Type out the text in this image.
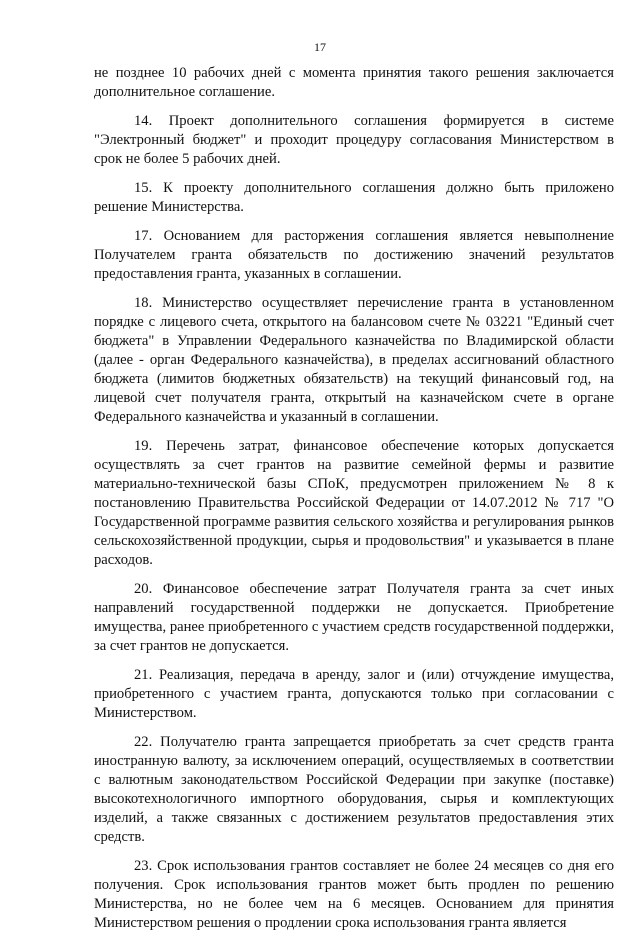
17

не позднее 10 рабочих дней с момента принятия такого решения заключается дополнительное соглашение.

14. Проект дополнительного соглашения формируется в системе "Электронный бюджет" и проходит процедуру согласования Министерством в срок не более 5 рабочих дней.

15. К проекту дополнительного соглашения должно быть приложено решение Министерства.

17. Основанием для расторжения соглашения является невыполнение Получателем гранта обязательств по достижению значений результатов предоставления гранта, указанных в соглашении.

18. Министерство осуществляет перечисление гранта в установленном порядке с лицевого счета, открытого на балансовом счете № 03221 "Единый счет бюджета" в Управлении Федерального казначейства по Владимирской области (далее - орган Федерального казначейства), в пределах ассигнований областного бюджета (лимитов бюджетных обязательств) на текущий финансовый год, на лицевой счет получателя гранта, открытый на казначейском счете в органе Федерального казначейства и указанный в соглашении.

19. Перечень затрат, финансовое обеспечение которых допускается осуществлять за счет грантов на развитие семейной фермы и развитие материально-технической базы СПоК, предусмотрен приложением № 8 к постановлению Правительства Российской Федерации от 14.07.2012 № 717 "О Государственной программе развития сельского хозяйства и регулирования рынков сельскохозяйственной продукции, сырья и продовольствия" и указывается в плане расходов.

20. Финансовое обеспечение затрат Получателя гранта за счет иных направлений государственной поддержки не допускается. Приобретение имущества, ранее приобретенного с участием средств государственной поддержки, за счет грантов не допускается.

21. Реализация, передача в аренду, залог и (или) отчуждение имущества, приобретенного с участием гранта, допускаются только при согласовании с Министерством.

22. Получателю гранта запрещается приобретать за счет средств гранта иностранную валюту, за исключением операций, осуществляемых в соответствии с валютным законодательством Российской Федерации при закупке (поставке) высокотехнологичного импортного оборудования, сырья и комплектующих изделий, а также связанных с достижением результатов предоставления этих средств.

23. Срок использования грантов составляет не более 24 месяцев со дня его получения. Срок использования грантов может быть продлен по решению Министерства, но не более чем на 6 месяцев. Основанием для принятия Министерством решения о продлении срока использования гранта является
